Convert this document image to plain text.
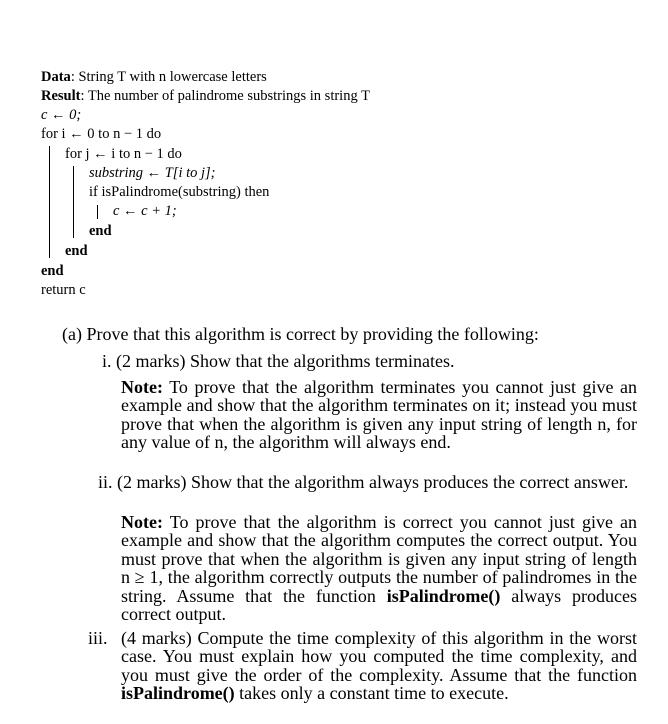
Data: String T with n lowercase letters
Result: The number of palindrome substrings in string T
c ← 0;
for i ← 0 to n − 1 do
for j ← i to n − 1 do
substring ← T[i to j];
if isPalindrome(substring) then
c ← c + 1;
end
end
end
return c
(a) Prove that this algorithm is correct by providing the following:
i. (2 marks) Show that the algorithms terminates.
Note: To prove that the algorithm terminates you cannot just give an example and show that the algorithm terminates on it; instead you must prove that when the algorithm is given any input string of length n, for any value of n, the algorithm will always end.
ii. (2 marks) Show that the algorithm always produces the correct answer.
Note: To prove that the algorithm is correct you cannot just give an example and show that the algorithm computes the correct output. You must prove that when the algorithm is given any input string of length n ≥ 1, the algorithm correctly outputs the number of palindromes in the string. Assume that the function isPalindrome() always produces correct output.
iii. (4 marks) Compute the time complexity of this algorithm in the worst case. You must explain how you computed the time complexity, and you must give the order of the complexity. Assume that the function isPalindrome() takes only a constant time to execute.
